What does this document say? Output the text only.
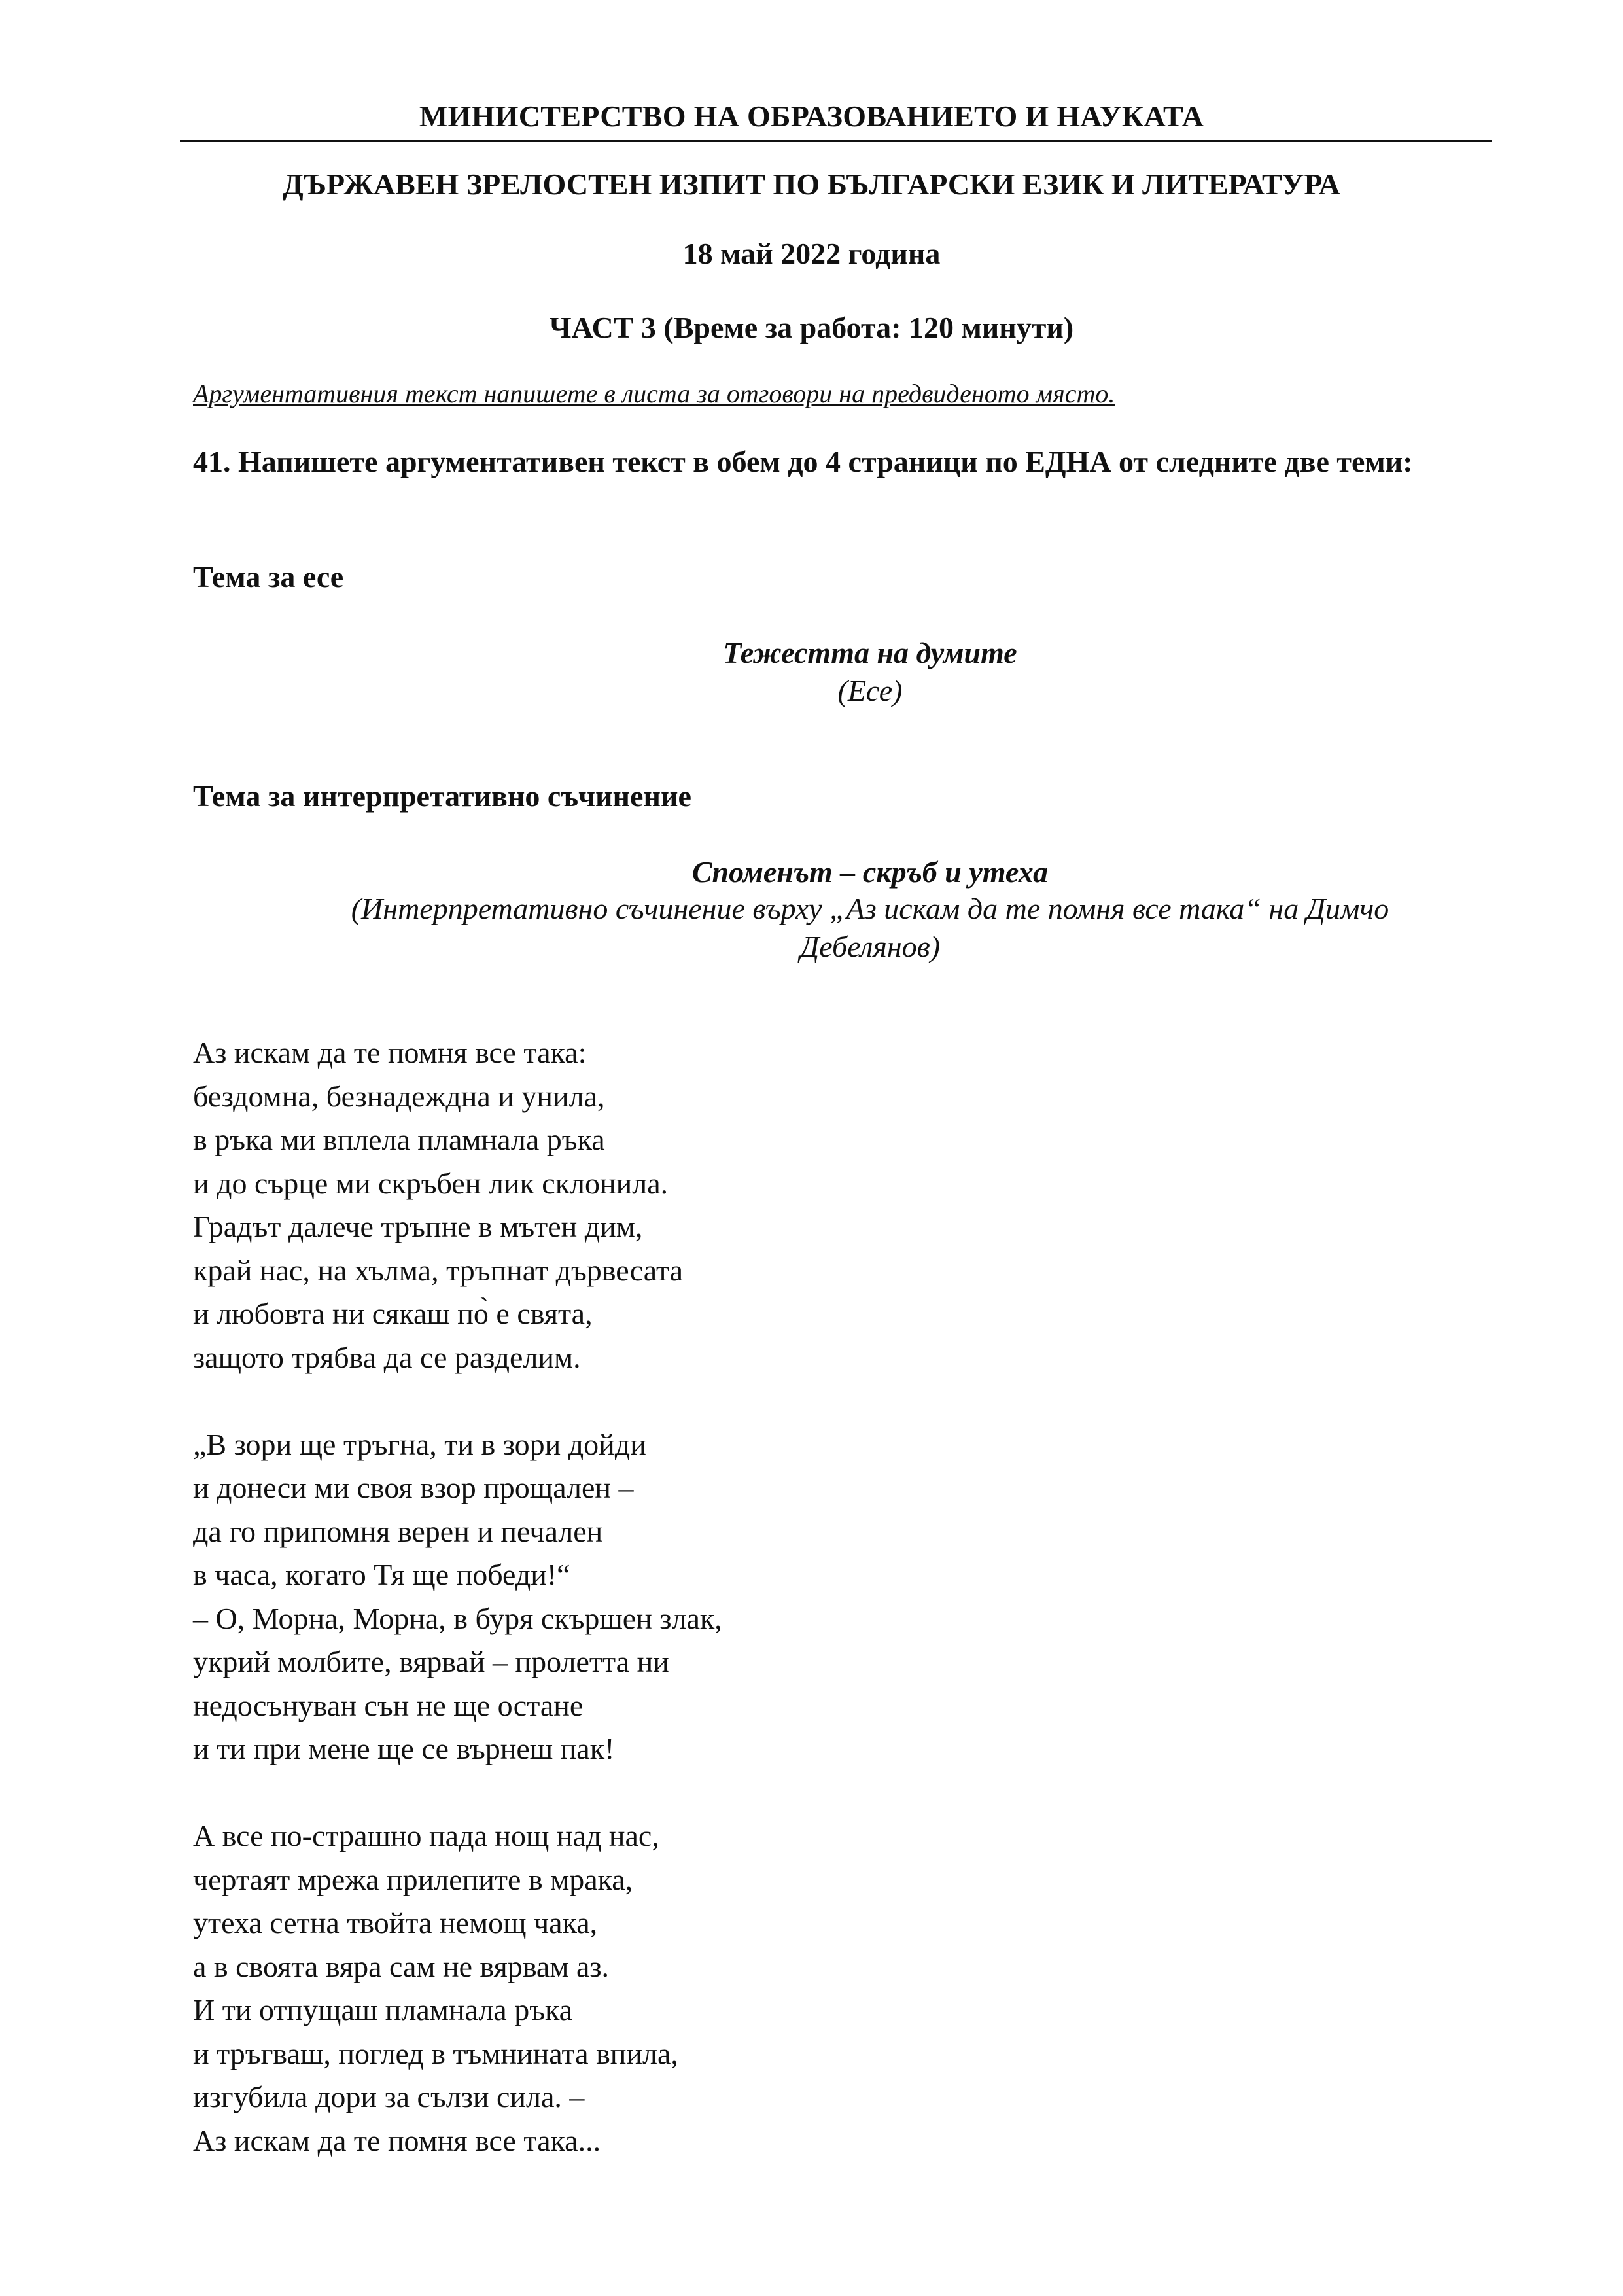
МИНИСТЕРСТВО НА ОБРАЗОВАНИЕТО И НАУКАТА
ДЪРЖАВЕН ЗРЕЛОСТЕН ИЗПИТ ПО БЪЛГАРСКИ ЕЗИК И ЛИТЕРАТУРА
18 май 2022 година
ЧАСТ 3 (Време за работа: 120 минути)
Аргументативния текст напишете в листа за отговори на предвиденото място.
41. Напишете аргументативен текст в обем до 4 страници по ЕДНА от следните две теми:
Тема за есе
Тежестта на думите
(Есе)
Тема за интерпретативно съчинение
Споменът – скръб и утеха
(Интерпретативно съчинение върху „Аз искам да те помня все така“ на Димчо
Дебелянов)
Аз искам да те помня все така:
бездомна, безнадеждна и унила,
в ръка ми вплела пламнала ръка
и до сърце ми скръбен лик склонила.
Градът далече тръпне в мътен дим,
край нас, на хълма, тръпнат дървесата
и любовта ни сякаш по̀ е свята,
защото трябва да се разделим.
„В зори ще тръгна, ти в зори дойди
и донеси ми своя взор прощален –
да го припомня верен и печален
в часа, когато Тя ще победи!“
– О, Морна, Морна, в буря скършен злак,
укрий молбите, вярвай – пролетта ни
недосънуван сън не ще остане
и ти при мене ще се върнеш пак!
А все по-страшно пада нощ над нас,
чертаят мрежа прилепите в мрака,
утеха сетна твойта немощ чака,
а в своята вяра сам не вярвам аз.
И ти отпущаш пламнала ръка
и тръгваш, поглед в тъмнината впила,
изгубила дори за сълзи сила. –
Аз искам да те помня все така...
